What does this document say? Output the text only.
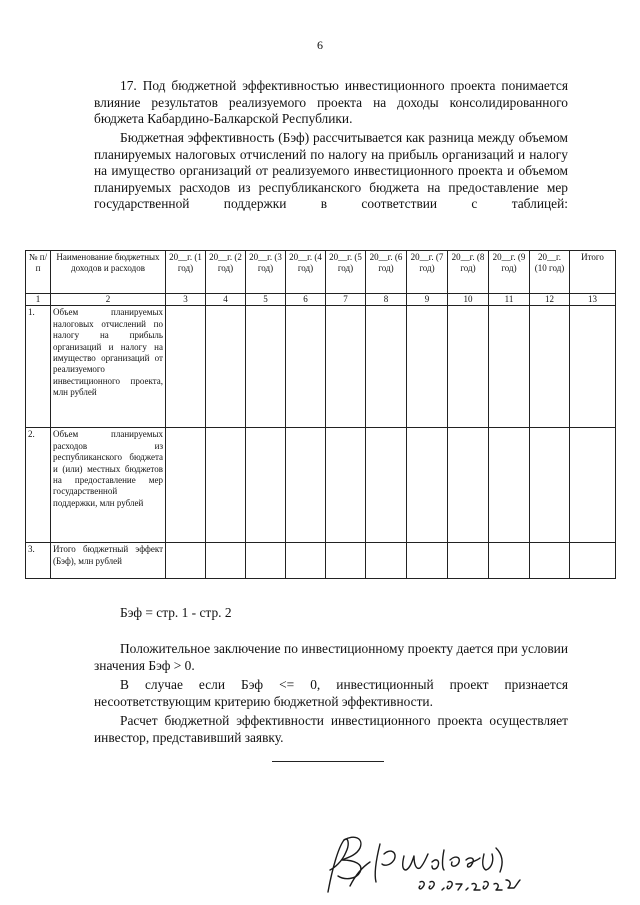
6

17. Под бюджетной эффективностью инвестиционного проекта понимается влияние результатов реализуемого проекта на доходы консолидированного бюджета Кабардино-Балкарской Республики.

Бюджетная эффективность (Бэф) рассчитывается как разница между объемом планируемых налоговых отчислений по налогу на прибыль организаций и налогу на имущество организаций от реализуемого инвестиционного проекта и объемом планируемых расходов из республиканского бюджета на предоставление мер государственной поддержки в соответствии с таблицей:

№ п/п	Наименование бюджетных доходов и расходов	20__г. (1 год)	20__г. (2 год)	20__г. (3 год)	20__г. (4 год)	20__г. (5 год)	20__г. (6 год)	20__г. (7 год)	20__г. (8 год)	20__г. (9 год)	20__г. (10 год)	Итого
1	2	3	4	5	6	7	8	9	10	11	12	13
1.	Объем планируемых налоговых отчислений по налогу на прибыль организаций и налогу на имущество организаций от реализуемого инвестиционного проекта, млн рублей											
2.	Объем планируемых расходов из республиканского бюджета и (или) местных бюджетов на предоставление мер государственной поддержки, млн рублей											
3.	Итого бюджетный эффект (Бэф), млн рублей											
Бэф = стр. 1 - стр. 2

Положительное заключение по инвестиционному проекту дается при условии значения Бэф > 0.

В случае если Бэф <= 0, инвестиционный проект признается несоответствующим критерию бюджетной эффективности.

Расчет бюджетной эффективности инвестиционного проекта осуществляет инвестор, представивший заявку.
